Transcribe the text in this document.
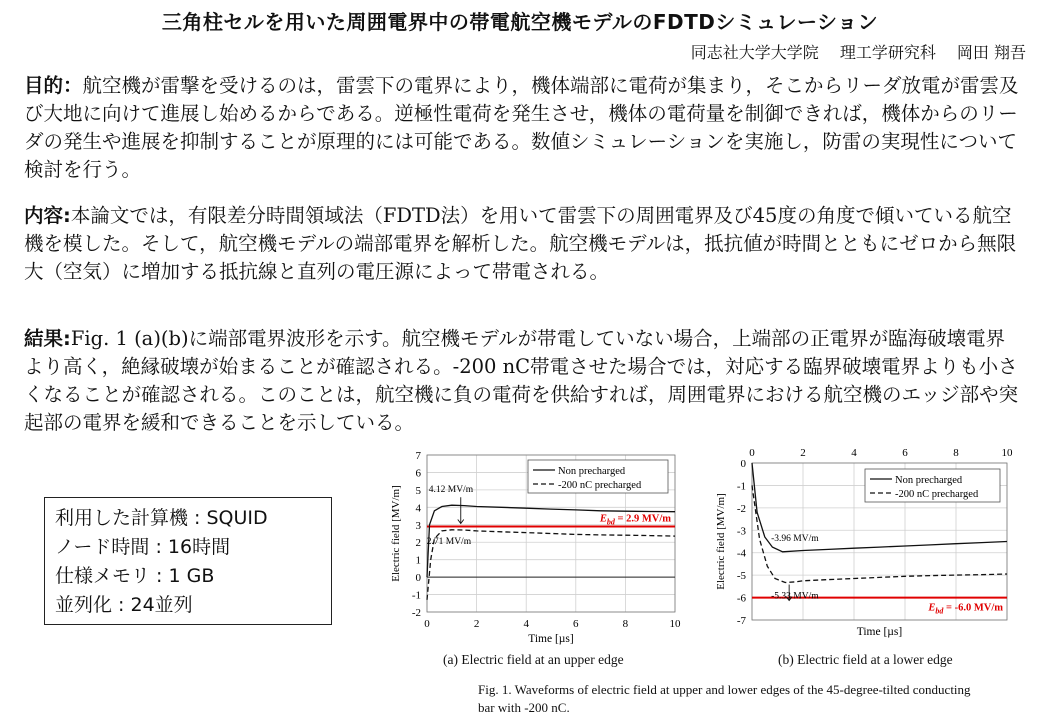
三角柱セルを用いた周囲電界中の帯電航空機モデルのFDTDシミュレーション
同志社大学大学院　 理工学研究科　 岡田 翔吾

目的：航空機が雷撃を受けるのは，雷雲下の電界により，機体端部に電荷が集まり，そこからリーダ放電が雷雲及び大地に向けて進展し始めるからである。逆極性電荷を発生させ，機体の電荷量を制御できれば，機体からのリーダの発生や進展を抑制することが原理的には可能である。数値シミュレーションを実施し，防雷の実現性について検討を行う。

内容:本論文では，有限差分時間領域法（FDTD法）を用いて雷雲下の周囲電界及び45度の角度で傾いている航空機を模した。そして，航空機モデルの端部電界を解析した。航空機モデルは，抵抗値が時間とともにゼロから無限大（空気）に増加する抵抗線と直列の電圧源によって帯電される。

結果:Fig. 1 (a)(b)に端部電界波形を示す。航空機モデルが帯電していない場合，上端部の正電界が臨海破壊電界より高く，絶縁破壊が始まることが確認される。-200 nC帯電させた場合では，対応する臨界破壊電界よりも小さくなることが確認される。このことは，航空機に負の電荷を供給すれば，周囲電界における航空機のエッジ部や突起部の電界を緩和できることを示している。

利用した計算機 : SQUID
ノード時間 : 16時間
仕様メモリ : 1 GB
並列化 : 24並列	-2
-1
0
1
2
3
4
5
6
7
0	2	4	6	8	10
Time [µs]
Electric field [MV/m]	$E_{bd} = 2.9$ MV/m
Non precharged
-200 nC precharged
4.12 MV/m
2.71 MV/m
0
-1
-2
-3
-4
-5
-6
-7
0	2	4	6	8	10
Time [µs]
Electric field [MV/m]
$E_{bd} = -6.0$ MV/m
Non precharged
-200 nC precharged
-3.96 MV/m
-5.33 MV/m
(a) Electric field at an upper edge	(b) Electric field at a lower edge
Fig. 1. Waveforms of electric field at upper and lower edges of the 45-degree-tilted conducting bar with -200 nC.
